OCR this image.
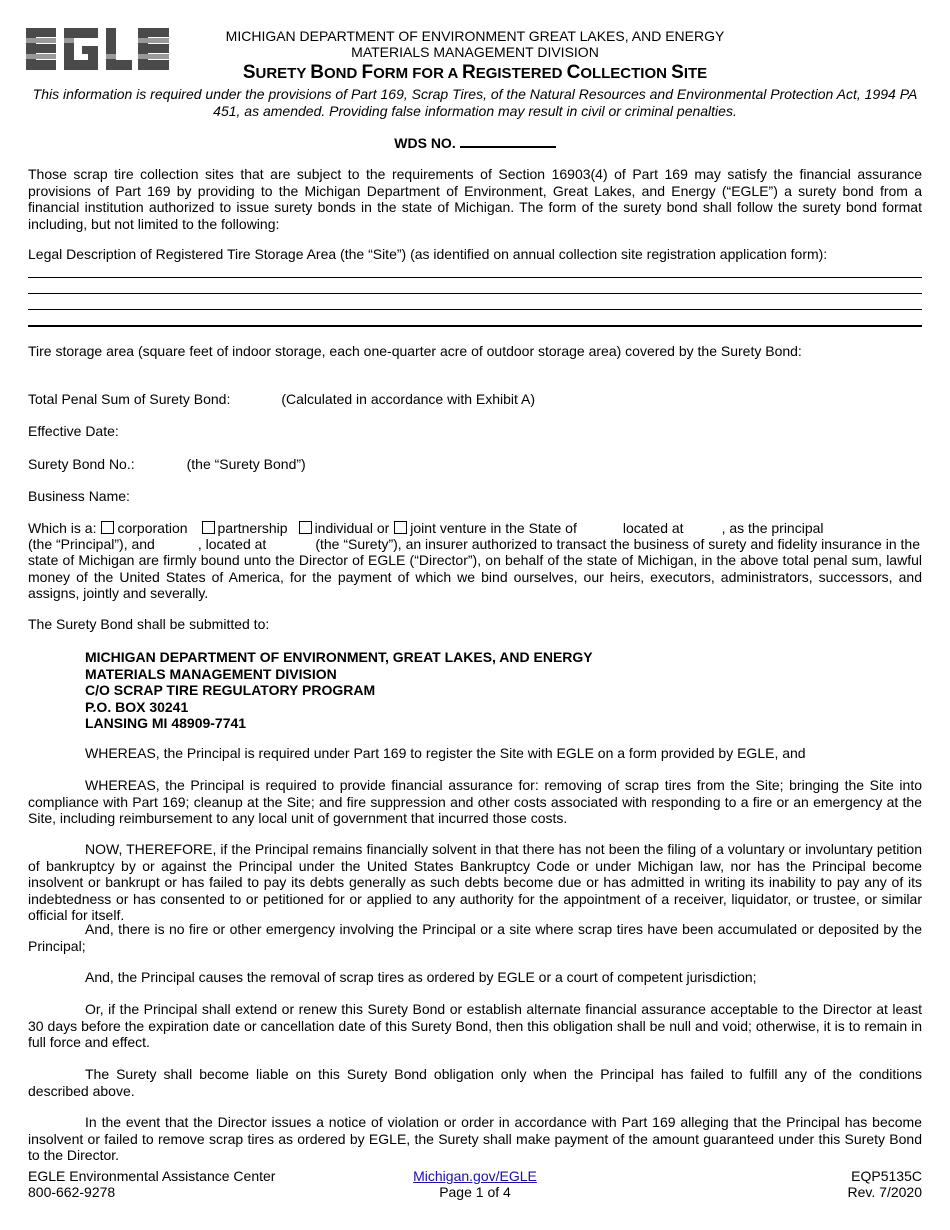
MICHIGAN DEPARTMENT OF ENVIRONMENT GREAT LAKES, AND ENERGY
MATERIALS MANAGEMENT DIVISION
SURETY BOND FORM FOR A REGISTERED COLLECTION SITE
This information is required under the provisions of Part 169, Scrap Tires, of the Natural Resources and Environmental Protection Act, 1994 PA
451, as amended. Providing false information may result in civil or criminal penalties.
WDS NO.
Those scrap tire collection sites that are subject to the requirements of Section 16903(4) of Part 169 may satisfy the financial assurance provisions of Part 169 by providing to the Michigan Department of Environment, Great Lakes, and Energy (“EGLE”) a surety bond from a financial institution authorized to issue surety bonds in the state of Michigan. The form of the surety bond shall follow the surety bond format including, but not limited to the following:
Legal Description of Registered Tire Storage Area (the “Site”) (as identified on annual collection site registration application form):
Tire storage area (square feet of indoor storage, each one-quarter acre of outdoor storage area) covered by the Surety Bond:
Total Penal Sum of Surety Bond:	(Calculated in accordance with Exhibit A)
Effective Date:
Surety Bond No.:	(the “Surety Bond”)
Business Name:
Which is a: corporation partnership individual or joint venture in the State of	located at	, as the principal
(the “Principal”), and	, located at	(the “Surety”), an insurer authorized to transact the business of surety and fidelity insurance in the
state of Michigan are firmly bound unto the Director of EGLE (“Director”), on behalf of the state of Michigan, in the above total penal sum, lawful money of the United States of America, for the payment of which we bind ourselves, our heirs, executors, administrators, successors, and assigns, jointly and severally.
The Surety Bond shall be submitted to:
MICHIGAN DEPARTMENT OF ENVIRONMENT, GREAT LAKES, AND ENERGY
MATERIALS MANAGEMENT DIVISION
C/O SCRAP TIRE REGULATORY PROGRAM
P.O. BOX 30241
LANSING MI 48909-7741
WHEREAS, the Principal is required under Part 169 to register the Site with EGLE on a form provided by EGLE, and
WHEREAS, the Principal is required to provide financial assurance for: removing of scrap tires from the Site; bringing the Site into compliance with Part 169; cleanup at the Site; and fire suppression and other costs associated with responding to a fire or an emergency at the Site, including reimbursement to any local unit of government that incurred those costs.
NOW, THEREFORE, if the Principal remains financially solvent in that there has not been the filing of a voluntary or involuntary petition of bankruptcy by or against the Principal under the United States Bankruptcy Code or under Michigan law, nor has the Principal become insolvent or bankrupt or has failed to pay its debts generally as such debts become due or has admitted in writing its inability to pay any of its indebtedness or has consented to or petitioned for or applied to any authority for the appointment of a receiver, liquidator, or trustee, or similar official for itself.
And, there is no fire or other emergency involving the Principal or a site where scrap tires have been accumulated or deposited by the Principal;
And, the Principal causes the removal of scrap tires as ordered by EGLE or a court of competent jurisdiction;
Or, if the Principal shall extend or renew this Surety Bond or establish alternate financial assurance acceptable to the Director at least 30 days before the expiration date or cancellation date of this Surety Bond, then this obligation shall be null and void; otherwise, it is to remain in full force and effect.
The Surety shall become liable on this Surety Bond obligation only when the Principal has failed to fulfill any of the conditions described above.
In the event that the Director issues a notice of violation or order in accordance with Part 169 alleging that the Principal has become insolvent or failed to remove scrap tires as ordered by EGLE, the Surety shall make payment of the amount guaranteed under this Surety Bond to the Director.
EGLE Environmental Assistance Center
800-662-9278
Michigan.gov/EGLE
Page 1 of 4
EQP5135C
Rev. 7/2020
